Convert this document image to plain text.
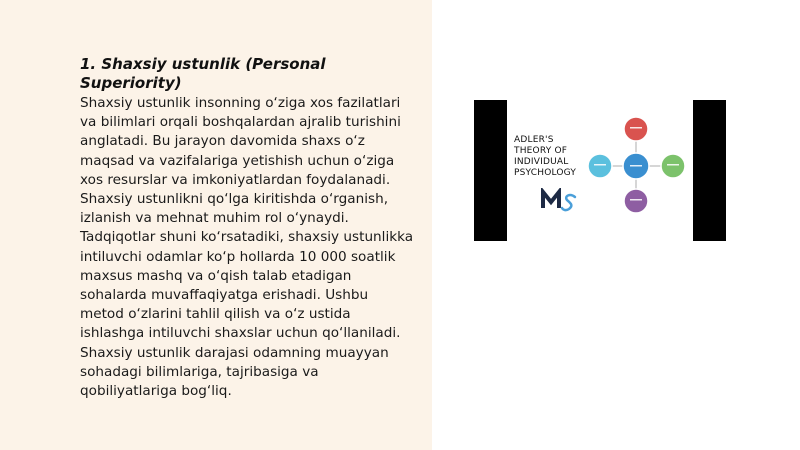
1. Shaxsiy ustunlik (Personal Superiority)

Shaxsiy ustunlik insonning o‘ziga xos fazilatlari va bilimlari orqali boshqalardan ajralib turishini anglatadi. Bu jarayon davomida shaxs o‘z maqsad va vazifalariga yetishish uchun o‘ziga xos resurslar va imkoniyatlardan foydalanadi. Shaxsiy ustunlikni qo‘lga kiritishda o‘rganish, izlanish va mehnat muhim rol o‘ynaydi. Tadqiqotlar shuni ko‘rsatadiki, shaxsiy ustunlikka intiluvchi odamlar ko‘p hollarda 10 000 soatlik maxsus mashq va o‘qish talab etadigan sohalarda muvaffaqiyatga erishadi. Ushbu metod o‘zlarini tahlil qilish va o‘z ustida ishlashga intiluvchi shaxslar uchun qo‘llaniladi. Shaxsiy ustunlik darajasi odamning muayyan sohadagi bilimlariga, tajribasiga va qobiliyatlariga bog‘liq.

ADLER'S
THEORY OF
INDIVIDUAL
PSYCHOLOGY
